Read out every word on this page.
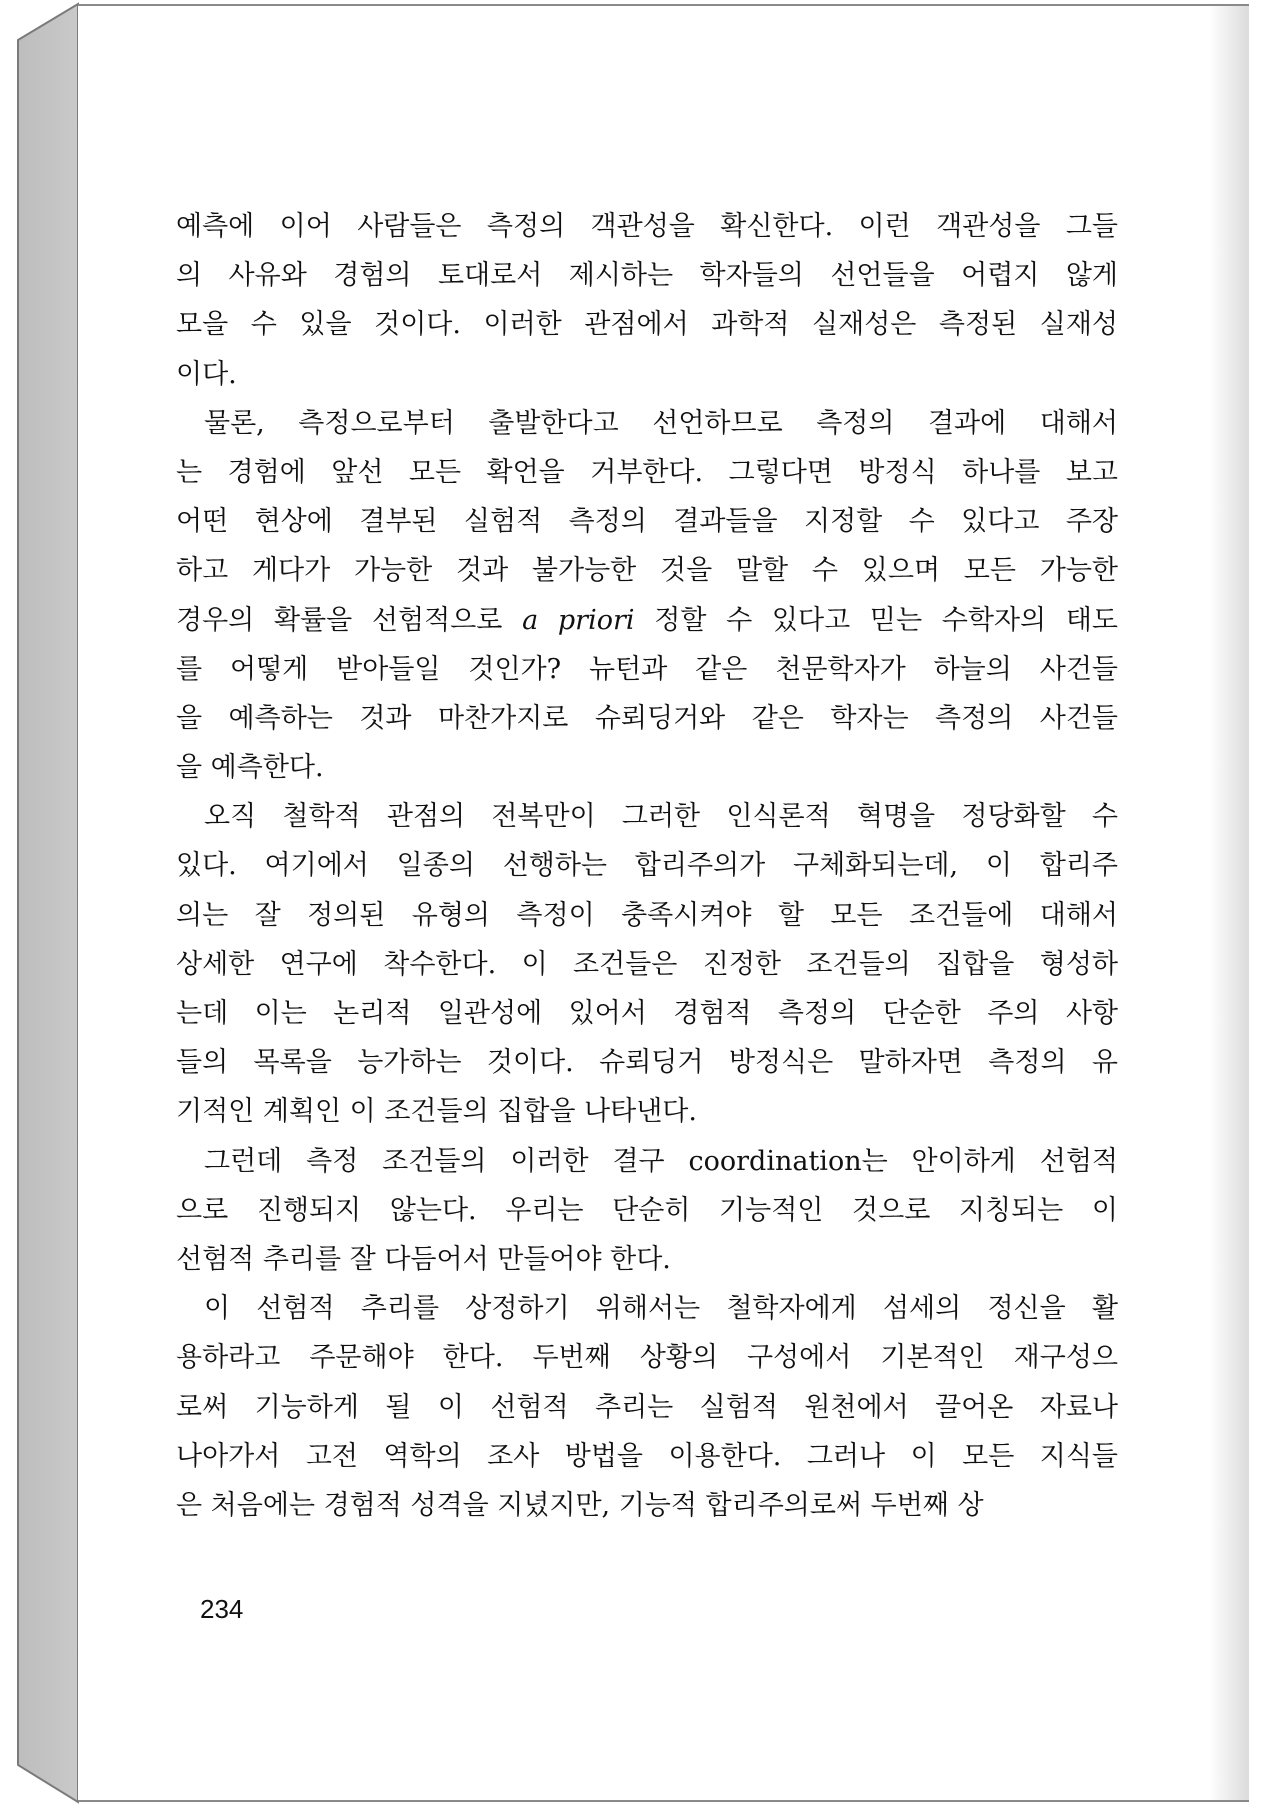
예측에 이어 사람들은 측정의 객관성을 확신한다. 이런 객관성을 그들
의 사유와 경험의 토대로서 제시하는 학자들의 선언들을 어렵지 않게
모을 수 있을 것이다. 이러한 관점에서 과학적 실재성은 측정된 실재성
이다.
물론, 측정으로부터 출발한다고 선언하므로 측정의 결과에 대해서
는 경험에 앞선 모든 확언을 거부한다. 그렇다면 방정식 하나를 보고
어떤 현상에 결부된 실험적 측정의 결과들을 지정할 수 있다고 주장
하고 게다가 가능한 것과 불가능한 것을 말할 수 있으며 모든 가능한
경우의 확률을 선험적으로 a priori 정할 수 있다고 믿는 수학자의 태도
를 어떻게 받아들일 것인가? 뉴턴과 같은 천문학자가 하늘의 사건들
을 예측하는 것과 마찬가지로 슈뢰딩거와 같은 학자는 측정의 사건들
을 예측한다.
오직 철학적 관점의 전복만이 그러한 인식론적 혁명을 정당화할 수
있다. 여기에서 일종의 선행하는 합리주의가 구체화되는데, 이 합리주
의는 잘 정의된 유형의 측정이 충족시켜야 할 모든 조건들에 대해서
상세한 연구에 착수한다. 이 조건들은 진정한 조건들의 집합을 형성하
는데 이는 논리적 일관성에 있어서 경험적 측정의 단순한 주의 사항
들의 목록을 능가하는 것이다. 슈뢰딩거 방정식은 말하자면 측정의 유
기적인 계획인 이 조건들의 집합을 나타낸다.
그런데 측정 조건들의 이러한 결구 coordination는 안이하게 선험적
으로 진행되지 않는다. 우리는 단순히 기능적인 것으로 지칭되는 이
선험적 추리를 잘 다듬어서 만들어야 한다.
이 선험적 추리를 상정하기 위해서는 철학자에게 섬세의 정신을 활
용하라고 주문해야 한다. 두번째 상황의 구성에서 기본적인 재구성으
로써 기능하게 될 이 선험적 추리는 실험적 원천에서 끌어온 자료나
나아가서 고전 역학의 조사 방법을 이용한다. 그러나 이 모든 지식들
은 처음에는 경험적 성격을 지녔지만, 기능적 합리주의로써 두번째 상
234
